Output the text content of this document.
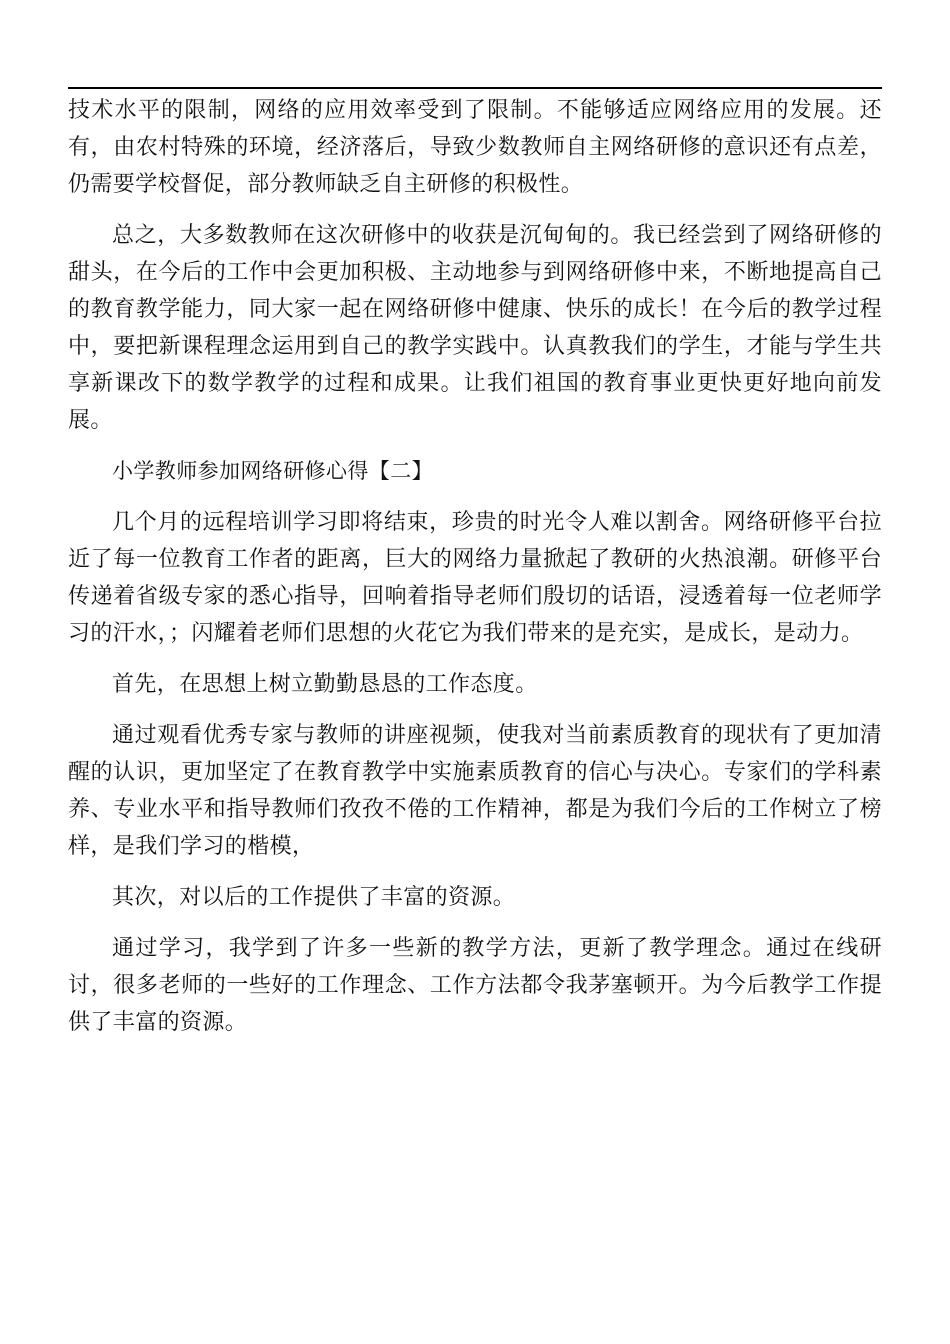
技术水平的限制，网络的应用效率受到了限制。不能够适应网络应用的发展。还有，由农村特殊的环境，经济落后，导致少数教师自主网络研修的意识还有点差，仍需要学校督促，部分教师缺乏自主研修的积极性。

总之，大多数教师在这次研修中的收获是沉甸甸的。我已经尝到了网络研修的甜头，在今后的工作中会更加积极、主动地参与到网络研修中来，不断地提高自己的教育教学能力，同大家一起在网络研修中健康、快乐的成长！在今后的教学过程中，要把新课程理念运用到自己的教学实践中。认真教我们的学生，才能与学生共享新课改下的数学教学的过程和成果。让我们祖国的教育事业更快更好地向前发展。

小学教师参加网络研修心得【二】

几个月的远程培训学习即将结束，珍贵的时光令人难以割舍。网络研修平台拉近了每一位教育工作者的距离，巨大的网络力量掀起了教研的火热浪潮。研修平台传递着省级专家的悉心指导，回响着指导老师们殷切的话语，浸透着每一位老师学习的汗水，；闪耀着老师们思想的火花它为我们带来的是充实，是成长，是动力。

首先，在思想上树立勤勤恳恳的工作态度。

通过观看优秀专家与教师的讲座视频，使我对当前素质教育的现状有了更加清醒的认识，更加坚定了在教育教学中实施素质教育的信心与决心。专家们的学科素养、专业水平和指导教师们孜孜不倦的工作精神，都是为我们今后的工作树立了榜样，是我们学习的楷模，

其次，对以后的工作提供了丰富的资源。

通过学习，我学到了许多一些新的教学方法，更新了教学理念。通过在线研讨，很多老师的一些好的工作理念、工作方法都令我茅塞顿开。为今后教学工作提供了丰富的资源。
